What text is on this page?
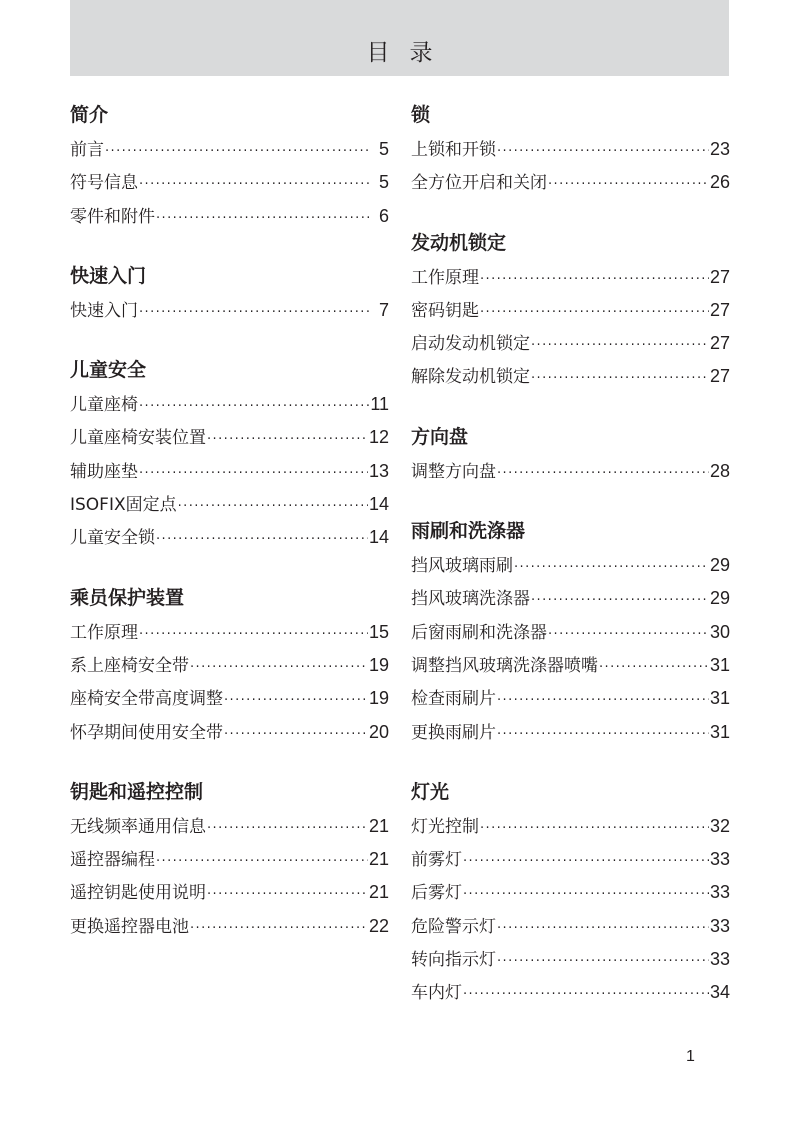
目录
简介
前言 ·····	5
符号信息 ·····	5
零件和附件 ·····	6
快速入门
快速入门 ·····	7
儿童安全
儿童座椅 ·····	11
儿童座椅安装位置 ·····	12
辅助座垫 ·····	13
ISOFIX固定点 ·····	14
儿童安全锁 ·····	14
乘员保护装置
工作原理 ·····	15
系上座椅安全带 ·····	19
座椅安全带高度调整 ·····	19
怀孕期间使用安全带 ·····	20
钥匙和遥控控制
无线频率通用信息 ·····	21
遥控器编程 ·····	21
遥控钥匙使用说明 ·····	21
更换遥控器电池 ·····	22
锁
上锁和开锁 ·····	23
全方位开启和关闭 ·····	26
发动机锁定
工作原理 ·····	27
密码钥匙 ·····	27
启动发动机锁定 ·····	27
解除发动机锁定 ·····	27
方向盘
调整方向盘 ·····	28
雨刷和洗涤器
挡风玻璃雨刷 ·····	29
挡风玻璃洗涤器 ·····	29
后窗雨刷和洗涤器 ·····	30
调整挡风玻璃洗涤器喷嘴 ·····	31
检查雨刷片 ·····	31
更换雨刷片 ·····	31
灯光
灯光控制 ·····	32
前雾灯 ·····	33
后雾灯 ·····	33
危险警示灯 ·····	33
转向指示灯 ·····	33
车内灯 ·····	34
1
